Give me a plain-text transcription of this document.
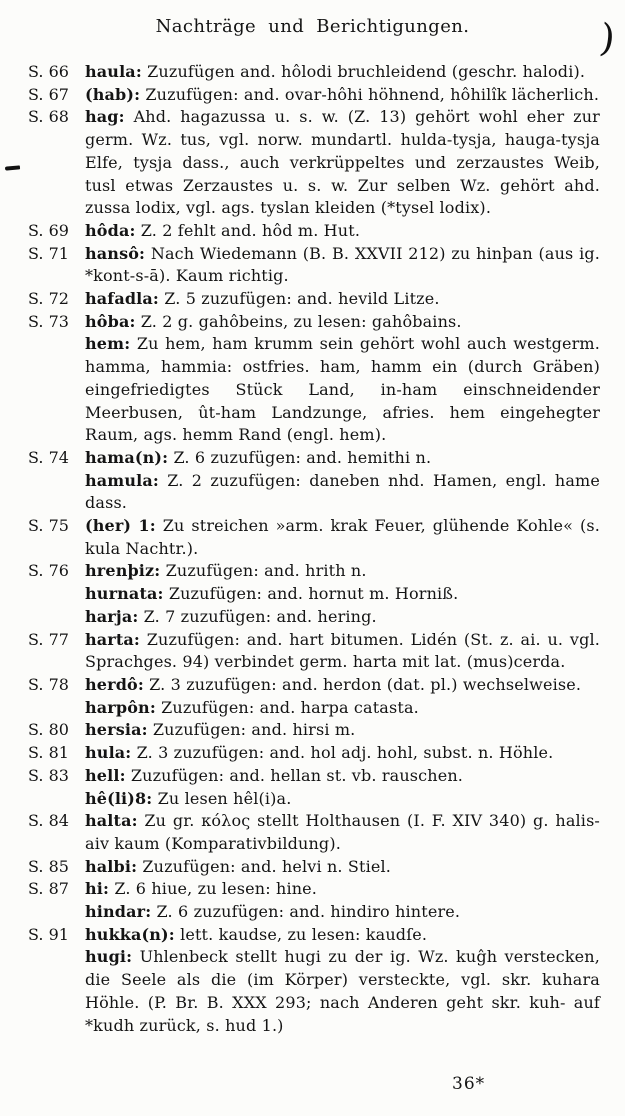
Nachträge und Berichtigungen.	)
S. 66	haula: Zuzufügen and. hôlodi bruchleidend (geschr. halodi).

S. 67	(hab): Zuzufügen: and. ovar-hôhi höhnend, hôhilîk lächerlich.

S. 68	hag: Ahd. hagazussa u. s. w. (Z. 13) gehört wohl eher zur germ. Wz. tus, vgl. norw. mundartl. hulda-tysja, hauga-tysja Elfe, tysja dass., auch verkrüppeltes und zerzaustes Weib, tusl etwas Zerzaustes u. s. w. Zur selben Wz. gehört ahd. zussa lodix, vgl. ags. tyslan kleiden (*tysel lodix).

S. 69	hôda: Z. 2 fehlt and. hôd m. Hut.

S. 71	hansô: Nach Wiedemann (B. B. XXVII 212) zu hinþan (aus ig. *kont-s-ā). Kaum richtig.

S. 72	hafadla: Z. 5 zuzufügen: and. hevild Litze.

S. 73	hôba: Z. 2 g. gahôbeins, zu lesen: gahôbains.

hem: Zu hem, ham krumm sein gehört wohl auch westgerm. hamma, hammia: ostfries. ham, hamm ein (durch Gräben) eingefriedigtes Stück Land, in-ham einschneidender Meerbusen, ût-ham Landzunge, afries. hem eingehegter Raum, ags. hemm Rand (engl. hem).

S. 74	hama(n): Z. 6 zuzufügen: and. hemithi n.

hamula: Z. 2 zuzufügen: daneben nhd. Hamen, engl. hame dass.

S. 75	(her) 1: Zu streichen »arm. krak Feuer, glühende Kohle« (s. kula Nachtr.).

S. 76	hrenþiz: Zuzufügen: and. hrith n.

hurnata: Zuzufügen: and. hornut m. Horniß.

harja: Z. 7 zuzufügen: and. hering.

S. 77	harta: Zuzufügen: and. hart bitumen. Lidén (St. z. ai. u. vgl. Sprachges. 94) verbindet germ. harta mit lat. (mus)cerda.

S. 78	herdô: Z. 3 zuzufügen: and. herdon (dat. pl.) wechselweise.

harpôn: Zuzufügen: and. harpa catasta.

S. 80	hersia: Zuzufügen: and. hirsi m.

S. 81	hula: Z. 3 zuzufügen: and. hol adj. hohl, subst. n. Höhle.

S. 83	hell: Zuzufügen: and. hellan st. vb. rauschen.

hê(li)8: Zu lesen hêl(i)a.

S. 84	halta: Zu gr. κόλος stellt Holthausen (I. F. XIV 340) g. halis-aiv kaum (Komparativbildung).

S. 85	halbi: Zuzufügen: and. helvi n. Stiel.

S. 87	hi: Z. 6 hiue, zu lesen: hine.

hindar: Z. 6 zuzufügen: and. hindiro hintere.

S. 91	hukka(n): lett. kaudse, zu lesen: kaudſe.

hugi: Uhlenbeck stellt hugi zu der ig. Wz. kuĝh verstecken, die Seele als die (im Körper) versteckte, vgl. skr. kuhara Höhle. (P. Br. B. XXX 293; nach Anderen geht skr. kuh- auf *kudh zurück, s. hud 1.)

36*
